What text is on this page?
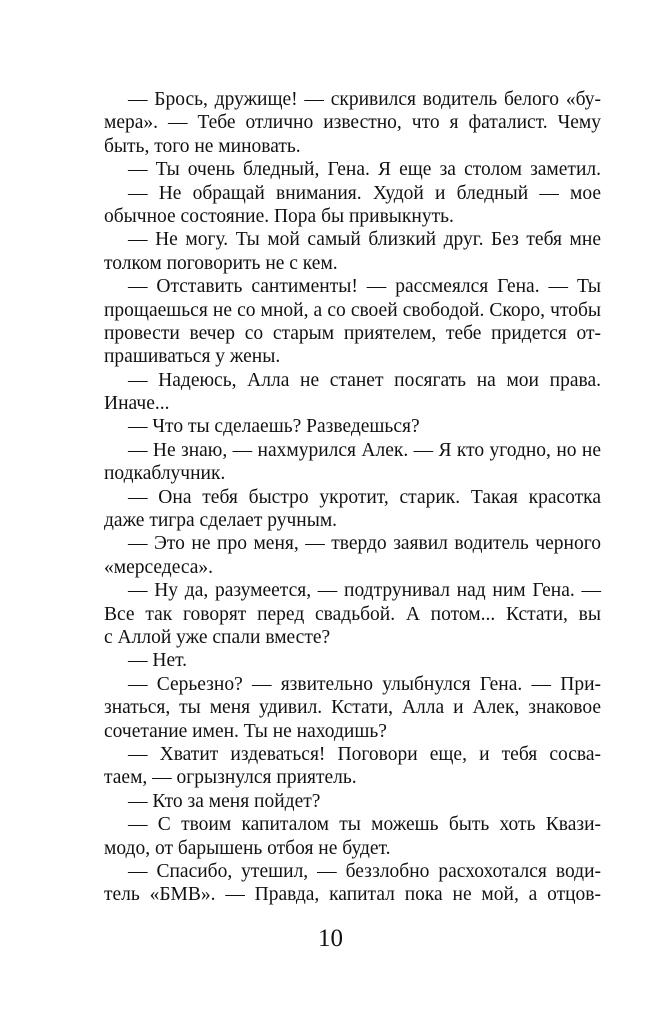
— Брось, дружище! — скривился водитель белого «бу-
мера». — Тебе отлично известно, что я фаталист. Чему
быть, того не миновать.
— Ты очень бледный, Гена. Я еще за столом заметил.
— Не обращай внимания. Худой и бледный — мое
обычное состояние. Пора бы привыкнуть.
— Не могу. Ты мой самый близкий друг. Без тебя мне
толком поговорить не с кем.
— Отставить сантименты! — рассмеялся Гена. — Ты
прощаешься не со мной, а со своей свободой. Скоро, чтобы
провести вечер со старым приятелем, тебе придется от-
прашиваться у жены.
— Надеюсь, Алла не станет посягать на мои права.
Иначе...
— Что ты сделаешь? Разведешься?
— Не знаю, — нахмурился Алек. — Я кто угодно, но не
подкаблучник.
— Она тебя быстро укротит, старик. Такая красотка
даже тигра сделает ручным.
— Это не про меня, — твердо заявил водитель черного
«мерседеса».
— Ну да, разумеется, — подтрунивал над ним Гена. —
Все так говорят перед свадьбой. А потом... Кстати, вы
с Аллой уже спали вместе?
— Нет.
— Серьезно? — язвительно улыбнулся Гена. — При-
знаться, ты меня удивил. Кстати, Алла и Алек, знаковое
сочетание имен. Ты не находишь?
— Хватит издеваться! Поговори еще, и тебя сосва-
таем, — огрызнулся приятель.
— Кто за меня пойдет?
— С твоим капиталом ты можешь быть хоть Квази-
модо, от барышень отбоя не будет.
— Спасибо, утешил, — беззлобно расхохотался води-
тель «БМВ». — Правда, капитал пока не мой, а отцов-
10
